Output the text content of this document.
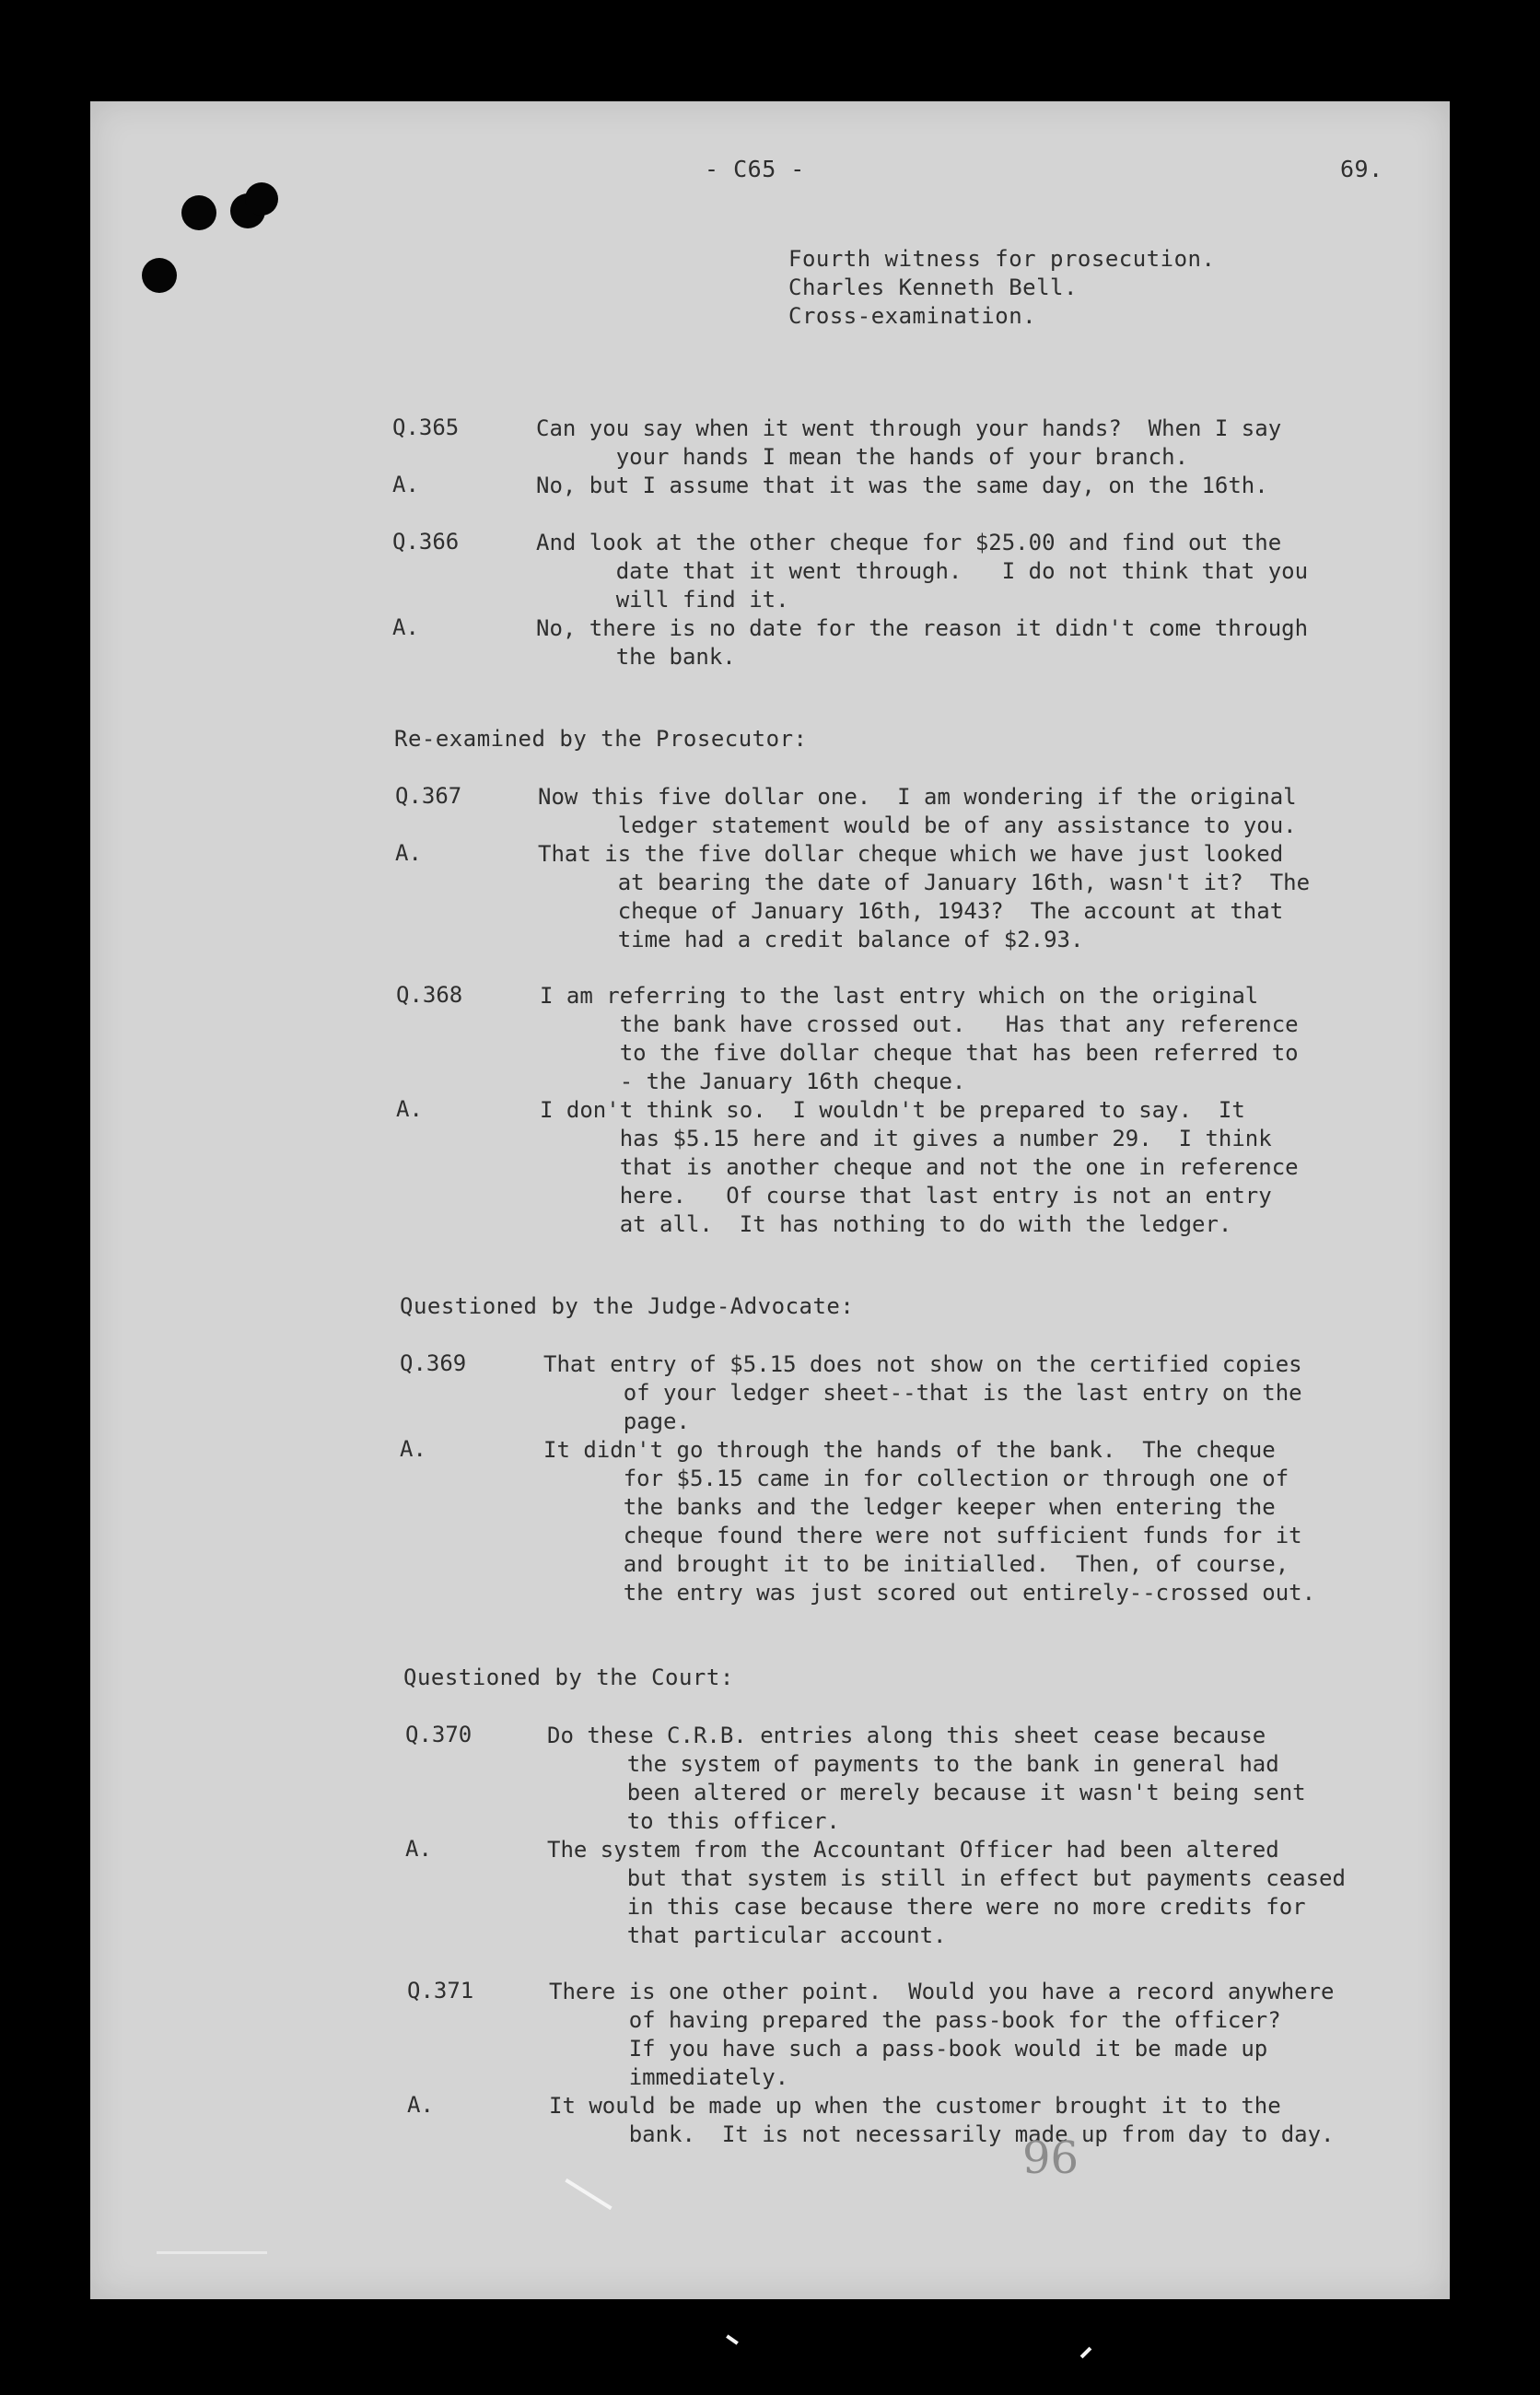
- C65 -	69.
Fourth witness for prosecution.
Charles Kenneth Bell.
Cross-examination.
Q.365	Can you say when it went through your hands?  When I say
your hands I mean the hands of your branch.
A.	No, but I assume that it was the same day, on the 16th.
Q.366	And look at the other cheque for $25.00 and find out the
date that it went through.   I do not think that you
will find it.
A.	No, there is no date for the reason it didn't come through
the bank.
Re-examined by the Prosecutor:
Q.367	Now this five dollar one.  I am wondering if the original
ledger statement would be of any assistance to you.
A.	That is the five dollar cheque which we have just looked
at bearing the date of January 16th, wasn't it?  The
cheque of January 16th, 1943?  The account at that
time had a credit balance of $2.93.
Q.368	I am referring to the last entry which on the original
the bank have crossed out.   Has that any reference
to the five dollar cheque that has been referred to
- the January 16th cheque.
A.	I don't think so.  I wouldn't be prepared to say.  It
has $5.15 here and it gives a number 29.  I think
that is another cheque and not the one in reference
here.   Of course that last entry is not an entry
at all.  It has nothing to do with the ledger.
Questioned by the Judge-Advocate:
Q.369	That entry of $5.15 does not show on the certified copies
of your ledger sheet--that is the last entry on the
page.
A.	It didn't go through the hands of the bank.  The cheque
for $5.15 came in for collection or through one of
the banks and the ledger keeper when entering the
cheque found there were not sufficient funds for it
and brought it to be initialled.  Then, of course,
the entry was just scored out entirely--crossed out.
Questioned by the Court:
Q.370	Do these C.R.B. entries along this sheet cease because
the system of payments to the bank in general had
been altered or merely because it wasn't being sent
to this officer.
A.	The system from the Accountant Officer had been altered
but that system is still in effect but payments ceased
in this case because there were no more credits for
that particular account.
Q.371	There is one other point.  Would you have a record anywhere
of having prepared the pass-book for the officer?
If you have such a pass-book would it be made up
immediately.
A.	It would be made up when the customer brought it to the
bank.  It is not necessarily made up from day to day.
96
